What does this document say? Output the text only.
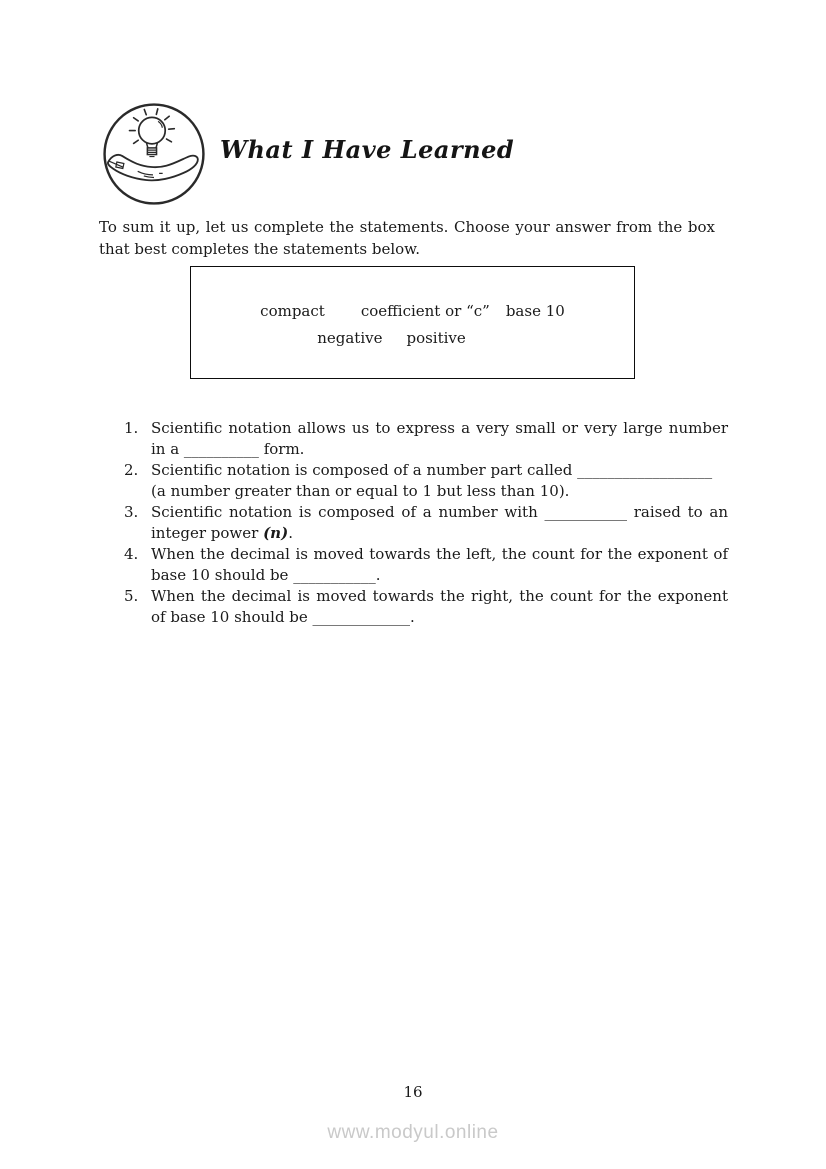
What I Have Learned

To sum it up, let us complete the statements. Choose your answer from the box that best completes the statements below.

compact coefficient or “c” base 10
negative positive
1. Scientific notation allows us to express a very small or very large number in a __________ form.
2. Scientific notation is composed of a number part called __________________
(a number greater than or equal to 1 but less than 10).
3. Scientific notation is composed of a number with ___________ raised to an integer power (n).
4. When the decimal is moved towards the left, the count for the exponent of base 10 should be ___________.
5. When the decimal is moved towards the right, the count for the exponent of base 10 should be _____________.
16
www.modyul.online
